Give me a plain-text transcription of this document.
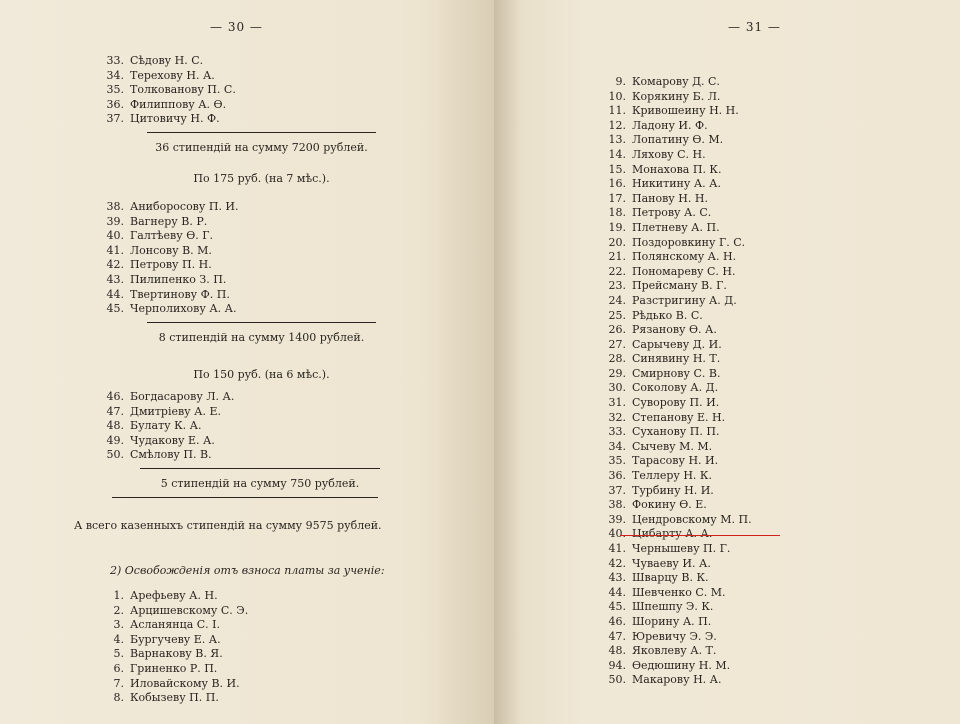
— 30 —
33. Сѣдову Н. С.
34. Терехову Н. А.
35. Толкованову П. С.
36. Филиппову А. Ѳ.
37. Цитовичу Н. Ф.
36 стипендій на сумму 7200 рублей.
По 175 руб. (на 7 мѣс.).
38. Аниборосову П. И.
39. Вагнеру В. Р.
40. Галтѣеву Ѳ. Г.
41. Лонсову В. М.
42. Петрову П. Н.
43. Пилипенко З. П.
44. Твертинову Ф. П.
45. Черполихову А. А.
8 стипендій на сумму 1400 рублей.
По 150 руб. (на 6 мѣс.).
46. Богдасарову Л. А.
47. Дмитріеву А. Е.
48. Булату К. А.
49. Чудакову Е. А.
50. Смѣлову П. В.
5 стипендій на сумму 750 рублей.
А всего казенныхъ стипендій на сумму 9575 рублей.
2) Освобожденія отъ взноса платы за ученіе:
1. Арефьеву А. Н.
2. Арцишевскому С. Э.
3. Асланянца С. І.
4. Бургучеву Е. А.
5. Варнакову В. Я.
6. Гриненко Р. П.
7. Иловайскому В. И.
8. Кобызеву П. П.
— 31 —
9. Комарову Д. С.
10. Корякину Б. Л.
11. Кривошеину Н. Н.
12. Ладону И. Ф.
13. Лопатину Ѳ. М.
14. Ляхову С. Н.
15. Монахова П. К.
16. Никитину А. А.
17. Панову Н. Н.
18. Петрову А. С.
19. Плетневу А. П.
20. Поздоровкину Г. С.
21. Полянскому А. Н.
22. Пономареву С. Н.
23. Прейсману В. Г.
24. Разстригину А. Д.
25. Рѣдько В. С.
26. Рязанову Ѳ. А.
27. Сарычеву Д. И.
28. Синявину Н. Т.
29. Смирнову С. В.
30. Соколову А. Д.
31. Суворову П. И.
32. Степанову Е. Н.
33. Суханову П. П.
34. Сычеву М. М.
35. Тарасову Н. И.
36. Теллеру Н. К.
37. Турбину Н. И.
38. Фокину Ѳ. Е.
39. Цендровскому М. П.
40. Цибарту А. А.
41. Чернышеву П. Г.
42. Чуваеву И. А.
43. Шварцу В. К.
44. Шевченко С. М.
45. Шпешпу Э. К.
46. Шорину А. П.
47. Юревичу Э. Э.
48. Яковлеву А. Т.
94. Ѳедюшину Н. М.
50. Макарову Н. А.
